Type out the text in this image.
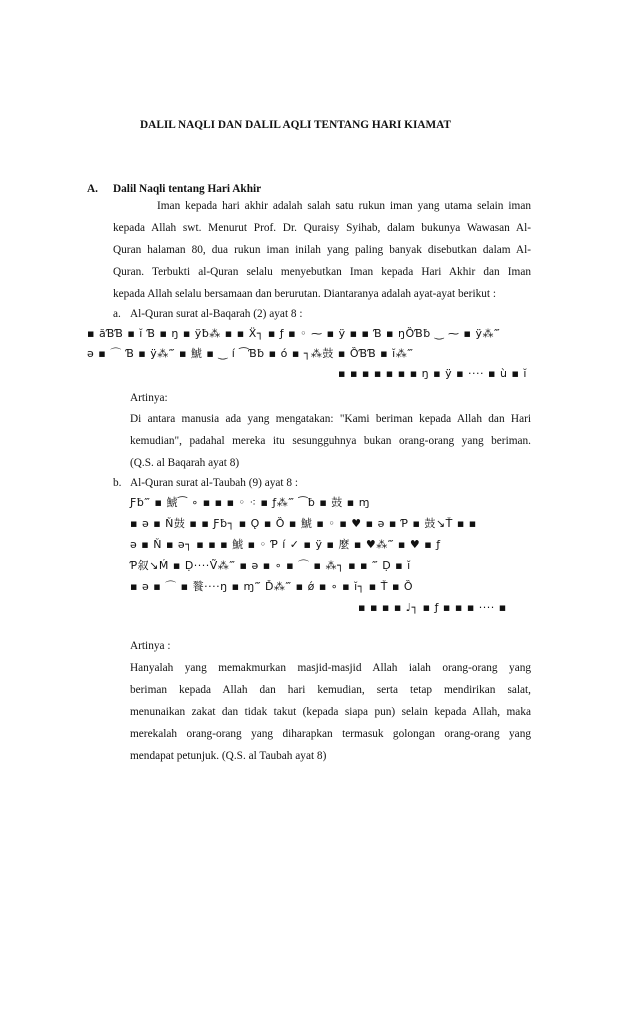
DALIL NAQLI DAN DALIL AQLI TENTANG HARI KIAMAT
A. Dalil Naqli tentang Hari Akhir
Iman kepada hari akhir adalah salah satu rukun iman yang utama selain iman
kepada Allah swt. Menurut Prof. Dr. Quraisy Syihab, dalam bukunya Wawasan Al-
Quran halaman 80, dua rukun iman inilah yang paling banyak disebutkan dalam Al-
Quran. Terbukti al-Quran selalu menyebutkan Iman kepada Hari Akhir dan Iman
kepada Allah selalu bersamaan dan berurutan. Diantaranya adalah ayat-ayat berikut :
a. Al-Quran surat al-Baqarah (2) ayat 8 :
▪ ăƁƁ ▪ ĭ Ɓ ▪ ŋ ▪ ÿƀ⁂ ▪ ▪ Ẍ┐ ▪ ƒ ▪ ◦ ⁓ ▪ ÿ ▪ ▪ Ɓ ▪ ŋȌƁƀ ‿ ⁓ ▪ ÿ⁂‴
ə ▪ ⌒ Ɓ ▪ ÿ⁂‴ ▪ 鯱 ▪ ‿ í ⁀Ɓƀ ▪ ó ▪ ┐⁂鼓 ▪ ȌƁƁ ▪ ĭ⁂‴
▪ ▪ ▪ ▪ ▪ ▪ ▪ ŋ ▪ ÿ ▪ ···· ▪ ù ▪ ĭ
Artinya:
Di antara manusia ada yang mengatakan: "Kami beriman kepada Allah dan Hari
kemudian", padahal mereka itu sesungguhnya bukan orang-orang yang beriman.
(Q.S. al Baqarah ayat 8)
b. Al-Quran surat al-Taubah (9) ayat 8 :
Ƒƀ‴ ▪ 鯱⁀ ∘ ▪ ▪ ▪ ◦ ⁖ ▪ ƒ⁂‴ ⁀ƀ ▪ 鼓 ▪ ɱ
▪ ə ▪ Ň鼓 ▪ ▪ Ƒƀ┐ ▪ Ǫ ▪ Ȍ ▪ 鯱 ▪ ◦ ▪ ♥ ▪ ə ▪ Ƥ ▪ 鼓↘Ť ▪ ▪
ə ▪ Ň ▪ ə┐ ▪ ▪ ▪ 鯱 ▪ ◦ Ƥ í ✓ ▪ ÿ ▪ 麼 ▪ ♥⁂‴ ▪ ♥ ▪ ƒ
Ƥ叙↘Ḿ ▪ Ḍ····Ṽ⁂‴ ▪ ə ▪ ∘ ▪ ⌒ ▪ ⁂┐ ▪ ▪ ‴ Ḍ ▪ ĭ
▪ ə ▪ ⌒ ▪ 餮····ŋ ▪ ɱ‴ Ď⁂‴ ▪ ǿ ▪ ∘ ▪ ĭ┐ ▪ Ť ▪ Ȍ
▪ ▪ ▪ ▪ ♩┐ ▪ ƒ ▪ ▪ ▪ ···· ▪
Artinya :
Hanyalah yang memakmurkan masjid-masjid Allah ialah orang-orang yang
beriman kepada Allah dan hari kemudian, serta tetap mendirikan salat,
menunaikan zakat dan tidak takut (kepada siapa pun) selain kepada Allah, maka
merekalah orang-orang yang diharapkan termasuk golongan orang-orang yang
mendapat petunjuk. (Q.S. al Taubah ayat 8)
